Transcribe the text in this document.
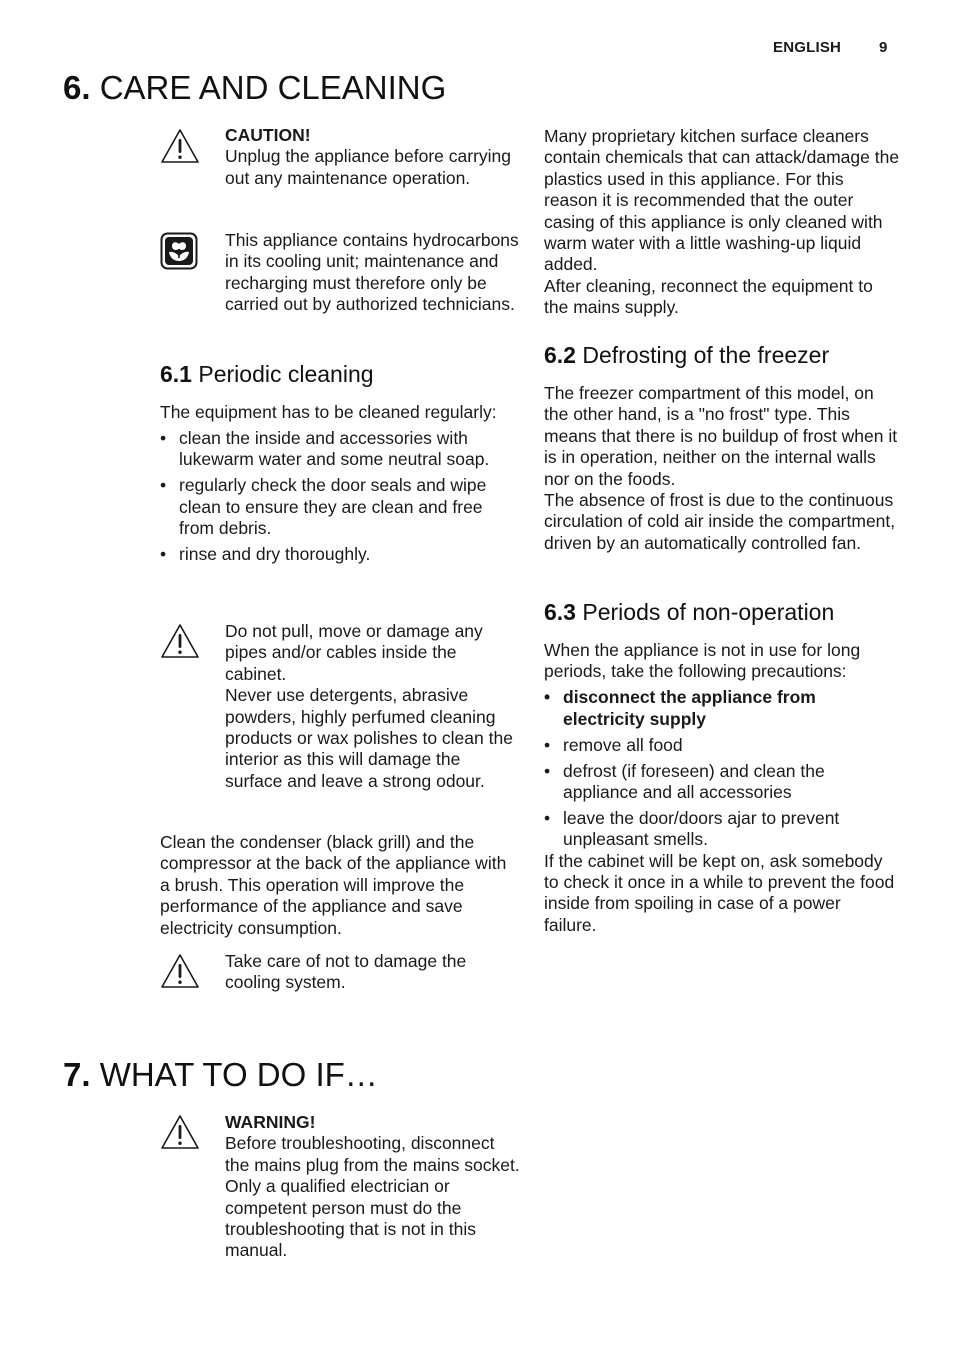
ENGLISH	9
6. CARE AND CLEANING

CAUTION!

Unplug the appliance before carrying out any maintenance operation.

This appliance contains hydrocarbons in its cooling unit; maintenance and recharging must therefore only be carried out by authorized technicians.

6.1 Periodic cleaning

The equipment has to be cleaned regularly:

• clean the inside and accessories with lukewarm water and some neutral soap.
• regularly check the door seals and wipe clean to ensure they are clean and free from debris.
• rinse and dry thoroughly.

Do not pull, move or damage any pipes and/or cables inside the cabinet.

Never use detergents, abrasive powders, highly perfumed cleaning products or wax polishes to clean the interior as this will damage the surface and leave a strong odour.

Clean the condenser (black grill) and the compressor at the back of the appliance with a brush. This operation will improve the performance of the appliance and save electricity consumption.

Take care of not to damage the cooling system.

Many proprietary kitchen surface cleaners contain chemicals that can attack/damage the plastics used in this appliance. For this reason it is recommended that the outer casing of this appliance is only cleaned with warm water with a little washing-up liquid added.

After cleaning, reconnect the equipment to the mains supply.

6.2 Defrosting of the freezer

The freezer compartment of this model, on the other hand, is a "no frost" type. This means that there is no buildup of frost when it is in operation, neither on the internal walls nor on the foods.

The absence of frost is due to the continuous circulation of cold air inside the compartment, driven by an automatically controlled fan.

6.3 Periods of non-operation

When the appliance is not in use for long periods, take the following precautions:

• disconnect the appliance from electricity supply
• remove all food
• defrost (if foreseen) and clean the appliance and all accessories
• leave the door/doors ajar to prevent unpleasant smells.

If the cabinet will be kept on, ask somebody to check it once in a while to prevent the food inside from spoiling in case of a power failure.

7. WHAT TO DO IF…

WARNING!

Before troubleshooting, disconnect the mains plug from the mains socket.

Only a qualified electrician or competent person must do the troubleshooting that is not in this manual.
